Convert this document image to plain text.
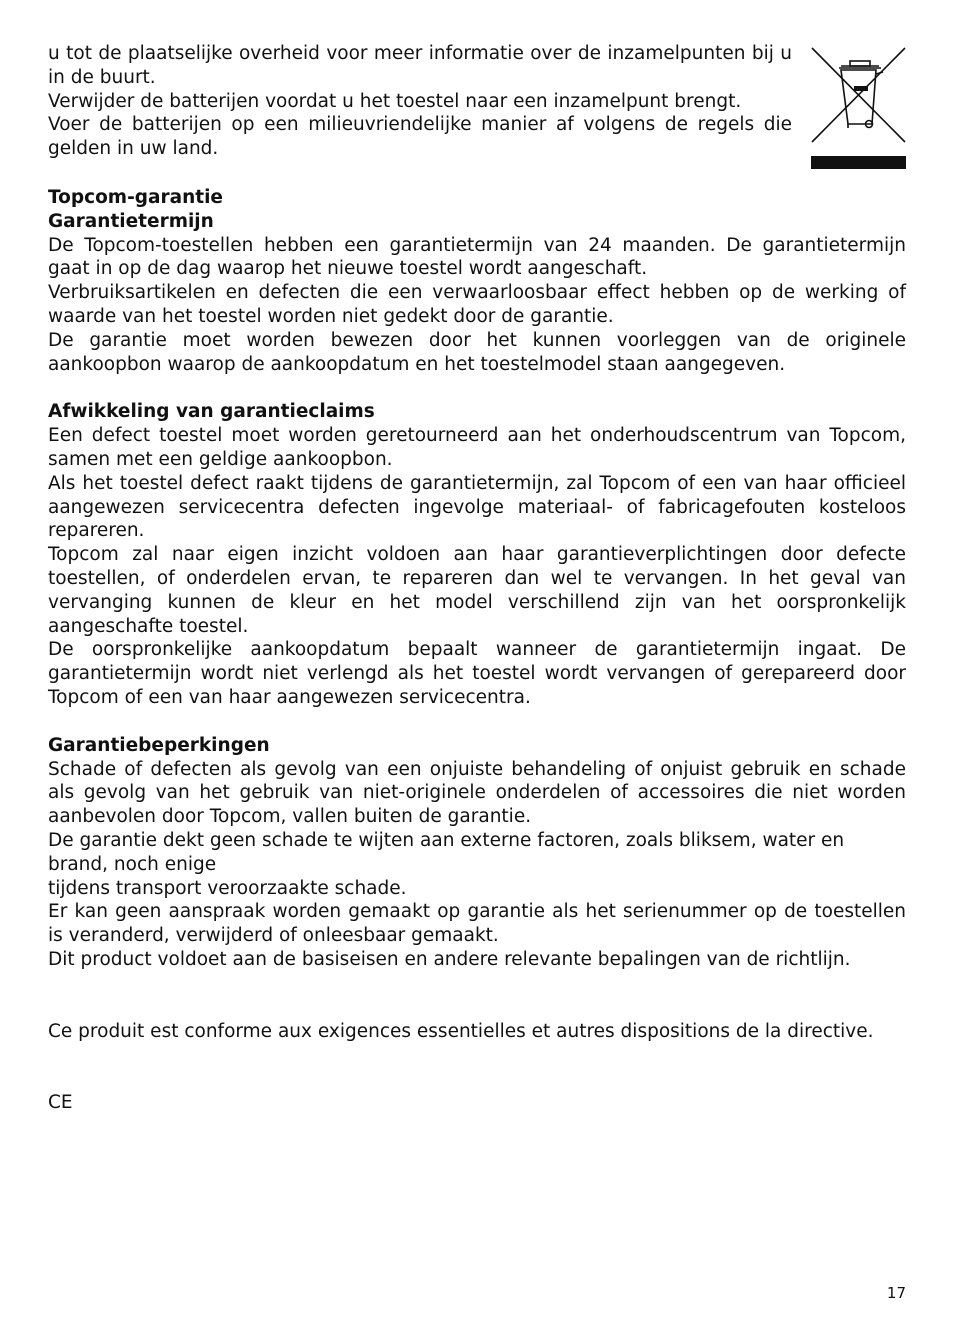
u tot de plaatselijke overheid voor meer informatie over de inzamelpunten bij u in de buurt.

Verwijder de batterijen voordat u het toestel naar een inzamelpunt brengt.

Voer de batterijen op een milieuvriendelijke manier af volgens de regels die gelden in uw land.

Topcom-garantie
Garantietermijn

De Topcom-toestellen hebben een garantietermijn van 24 maanden. De garantietermijn gaat in op de dag waarop het nieuwe toestel wordt aangeschaft.

Verbruiksartikelen en defecten die een verwaarloosbaar effect hebben op de werking of waarde van het toestel worden niet gedekt door de garantie.

De garantie moet worden bewezen door het kunnen voorleggen van de originele aankoopbon waarop de aankoopdatum en het toestelmodel staan aangegeven.

Afwikkeling van garantieclaims

Een defect toestel moet worden geretourneerd aan het onderhoudscentrum van Topcom, samen met een geldige aankoopbon.

Als het toestel defect raakt tijdens de garantietermijn, zal Topcom of een van haar officieel aangewezen servicecentra defecten ingevolge materiaal- of fabricagefouten kosteloos repareren.

Topcom zal naar eigen inzicht voldoen aan haar garantieverplichtingen door defecte toestellen, of onderdelen ervan, te repareren dan wel te vervangen. In het geval van vervanging kunnen de kleur en het model verschillend zijn van het oorspronkelijk aangeschafte toestel.

De oorspronkelijke aankoopdatum bepaalt wanneer de garantietermijn ingaat. De garantietermijn wordt niet verlengd als het toestel wordt vervangen of gerepareerd door Topcom of een van haar aangewezen servicecentra.

Garantiebeperkingen

Schade of defecten als gevolg van een onjuiste behandeling of onjuist gebruik en schade als gevolg van het gebruik van niet-originele onderdelen of accessoires die niet worden aanbevolen door Topcom, vallen buiten de garantie.

De garantie dekt geen schade te wijten aan externe factoren, zoals bliksem, water en brand, noch enige

tijdens transport veroorzaakte schade.

Er kan geen aanspraak worden gemaakt op garantie als het serienummer op de toestellen is veranderd, verwijderd of onleesbaar gemaakt.

Dit product voldoet aan de basiseisen en andere relevante bepalingen van de richtlijn.

Ce produit est conforme aux exigences essentielles et autres dispositions de la directive.

CE

17
